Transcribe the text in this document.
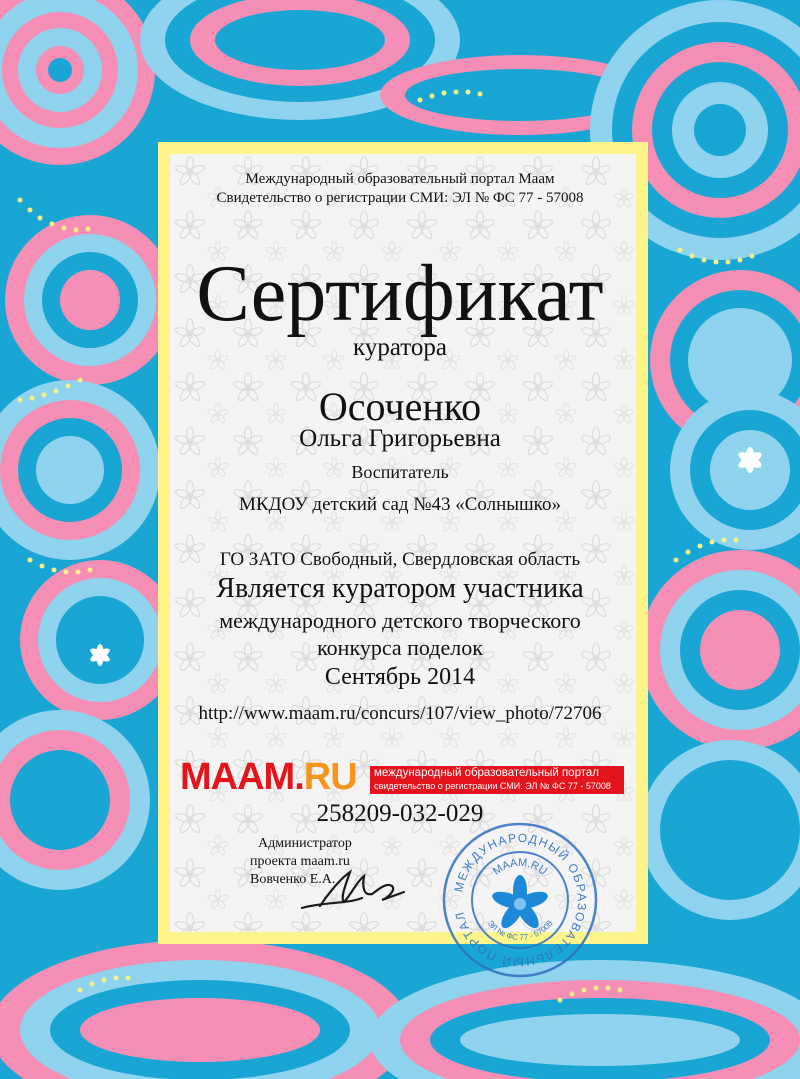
Международный образовательный портал Маам
Свидетельство о регистрации СМИ: ЭЛ № ФС 77 - 57008
Сертификат
куратора
Осоченко
Ольга Григорьевна
Воспитатель
МКДОУ детский сад №43 «Солнышко»
ГО ЗАТО Свободный, Свердловская область
Является куратором участника
международного детского творческого
конкурса поделок
Сентябрь 2014
http://www.maam.ru/concurs/107/view_photo/72706
MAAM.RU международный образовательный портал
свидетельство о регистрации СМИ: ЭЛ № ФС 77 - 57008
258209-032-029
Администратор
проекта maam.ru
Вовченко Е.А.	МЕЖДУНАРОДНЫЙ ОБРАЗОВАТЕЛЬНЫЙ ПОРТАЛ
MAAM.RU
ЭЛ № ФС 77 - 57008
